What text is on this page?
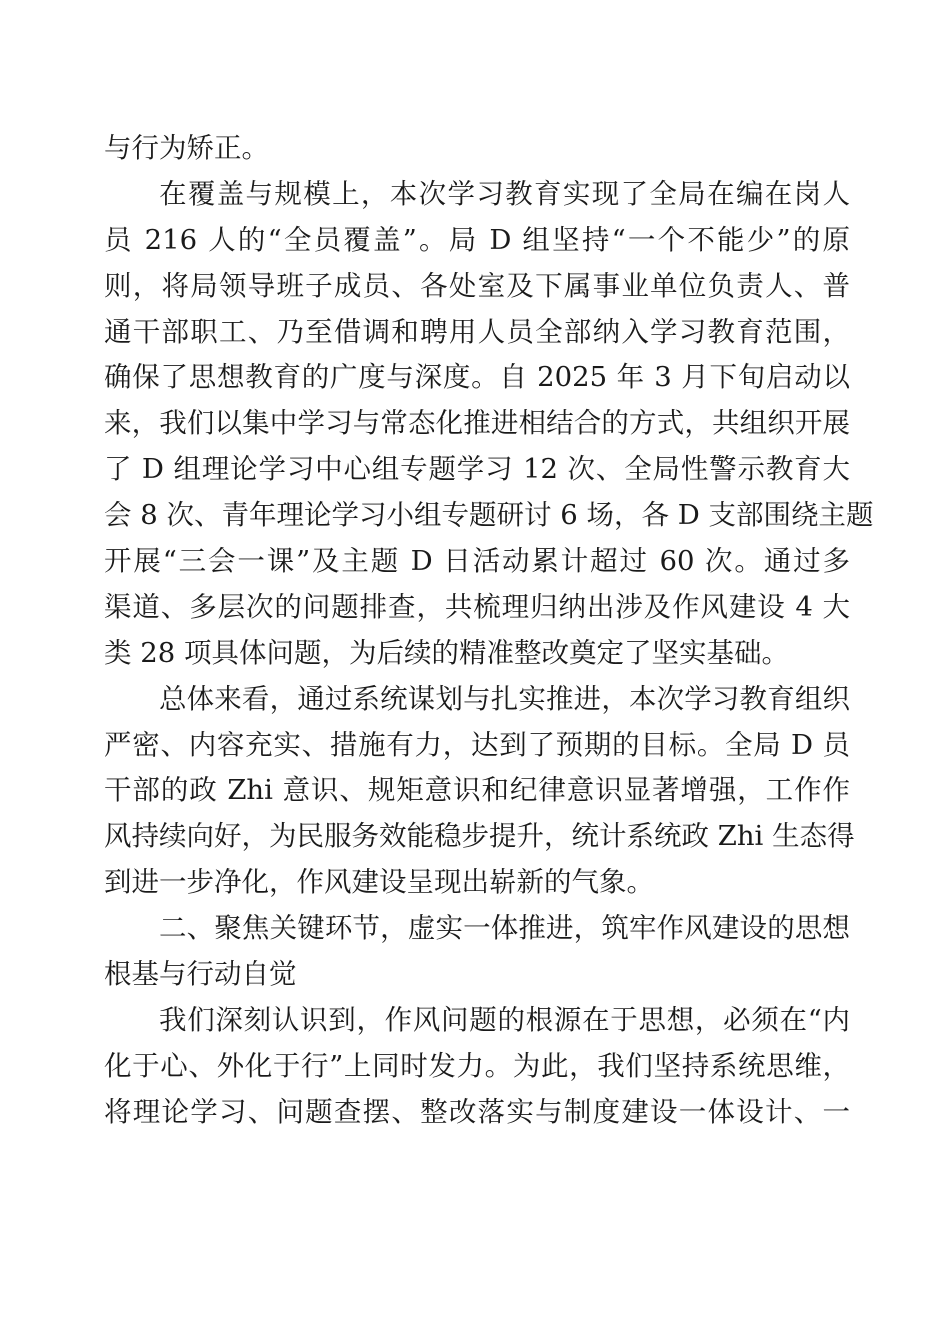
与行为矫正。
在覆盖与规模上，本次学习教育实现了全局在编在岗人
员 216 人的“全员覆盖”。局 D 组坚持“一个不能少”的原
则，将局领导班子成员、各处室及下属事业单位负责人、普
通干部职工、乃至借调和聘用人员全部纳入学习教育范围，
确保了思想教育的广度与深度。自 2025 年 3 月下旬启动以
来，我们以集中学习与常态化推进相结合的方式，共组织开展
了 D 组理论学习中心组专题学习 12 次、全局性警示教育大
会 8 次、青年理论学习小组专题研讨 6 场，各 D 支部围绕主题
开展“三会一课”及主题 D 日活动累计超过 60 次。通过多
渠道、多层次的问题排查，共梳理归纳出涉及作风建设 4 大
类 28 项具体问题，为后续的精准整改奠定了坚实基础。
总体来看，通过系统谋划与扎实推进，本次学习教育组织
严密、内容充实、措施有力，达到了预期的目标。全局 D 员
干部的政 Zhi 意识、规矩意识和纪律意识显著增强，工作作
风持续向好，为民服务效能稳步提升，统计系统政 Zhi 生态得
到进一步净化，作风建设呈现出崭新的气象。
二、聚焦关键环节，虚实一体推进，筑牢作风建设的思想
根基与行动自觉
我们深刻认识到，作风问题的根源在于思想，必须在“内
化于心、外化于行”上同时发力。为此，我们坚持系统思维，
将理论学习、问题查摆、整改落实与制度建设一体设计、一
